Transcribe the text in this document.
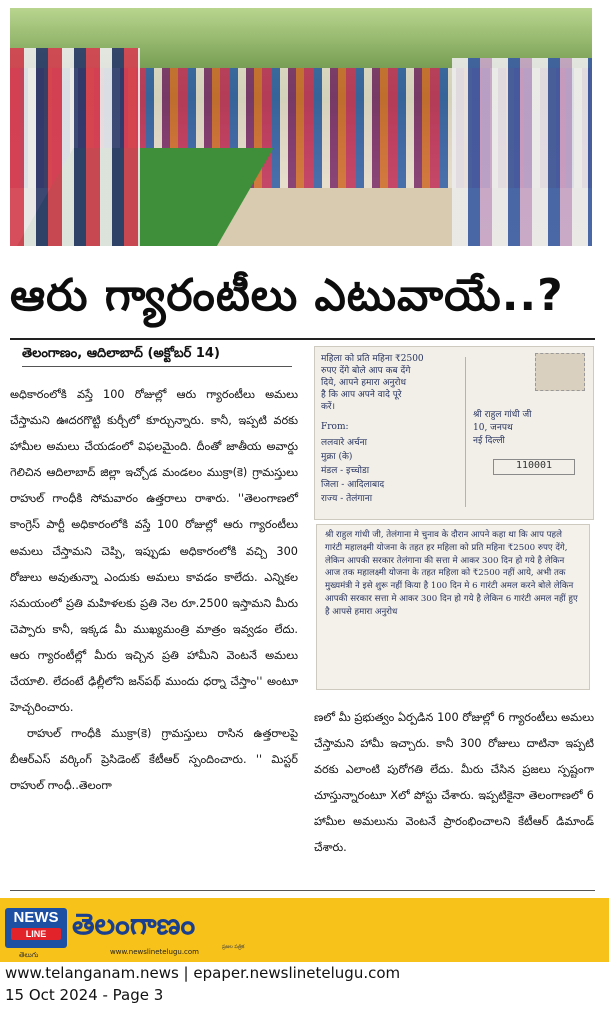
ఆరు గ్యారంటీలు ఎటువాయే..?
తెలంగాణం, ఆదిలాబాద్ (అక్టోబర్ 14)

అధికారంలోకి వస్తే 100 రోజుల్లో ఆరు గ్యారంటీలు అమలు చేస్తామని ఊదరగొట్టి కుర్చీలో కూర్చున్నారు. కానీ, ఇప్పటి వరకు హామీల అమలు చేయడంలో విఫలమైంది. దీంతో జాతీయ అవార్డు గెలిచిన ఆదిలాబాద్ జిల్లా ఇచ్చోడ మండలం ముక్రా(కె) గ్రామస్తులు రాహుల్ గాంధీకి సోమవారం ఉత్తరాలు రాశారు. ''తెలంగాణలో కాంగ్రెస్ పార్టీ అధికారంలోకి వస్తే 100 రోజుల్లో ఆరు గ్యారంటీలు అమలు చేస్తామని చెప్పి, ఇప్పుడు అధికారంలోకి వచ్చి 300 రోజులు అవుతున్నా ఎందుకు అమలు కావడం కాలేదు. ఎన్నికల సమయంలో ప్రతి మహిళలకు ప్రతి నెల రూ.2500 ఇస్తామని మీరు చెప్పారు కానీ, ఇక్కడ మీ ముఖ్యమంత్రి మాత్రం ఇవ్వడం లేదు. ఆరు గ్యారంటీల్లో మీరు ఇచ్చిన ప్రతి హామీని వెంటనే అమలు చేయాలి. లేదంటే ఢిల్లీలోని జన్‌పథ్ ముందు ధర్నా చేస్తాం'' అంటూ హెచ్చరించారు.

రాహుల్ గాంధీకి ముక్రా(కె) గ్రామస్తులు రాసిన ఉత్తరాలపై బీఆర్ఎస్ వర్కింగ్ ప్రెసిడెంట్ కేటీఆర్ స్పందించారు. '' మిస్టర్ రాహుల్ గాంధీ..తెలంగా

महिला को प्रति महिना ₹2500
रुपए देंगे बोले आप कब देंगे
दिये, आपने हमारा अनुरोध
है कि आप अपने वादे पूरे
करें।
From:
ललवारे अर्चना
मुक्रा (के)
मंडल - इच्चोडा
जिला - आदिलाबाद
राज्य - तेलंगाना
श्री राहुल गांधी जी
10, जनपथ
नई दिल्ली
110001
श्री राहुल गांधी जी, तेलंगाना मे चुनाव के दौरान आपने कहा था कि आप पहले गारंटी महालक्ष्मी योजना के तहत हर महिला को प्रति महिना ₹2500 रुपए देंगे, लेकिन आपकी सरकार तेलंगाना की सत्ता मे आकर 300 दिन हो गये है लेकिन आज तक महालक्ष्मी योजना के तहत महिला को ₹2500 नहीं आये, अभी तक मुख्यमंत्री ने इसे शुरू नहीं किया है 100 दिन मे 6 गारंटी अमल करने बोले लेकिन आपकी सरकार सत्ता मे आकर 300 दिन हो गये है लेकिन 6 गारंटी अमल नहीं हुए है आपसे हमारा अनुरोध

ణలో మీ ప్రభుత్వం ఏర్పడిన 100 రోజుల్లో 6 గ్యారంటీలు అమలు చేస్తామని హామీ ఇచ్చారు. కానీ 300 రోజులు దాటినా ఇప్పటి వరకు ఎలాంటి పురోగతి లేదు. మీరు చేసిన ప్రజలు స్పష్టంగా చూస్తున్నారంటూ Xలో పోస్టు చేశారు. ఇప్పటికైనా తెలంగాణలో 6 హామీల అమలును వెంటనే ప్రారంభించాలని కేటీఆర్ డిమాండ్ చేశారు.

NEWS
LINE
తెలుగు
తెలంగాణం
ప్రజల పత్రిక
www.newslinetelugu.com
www.telanganam.news | epaper.newslinetelugu.com
15 Oct 2024 - Page 3
